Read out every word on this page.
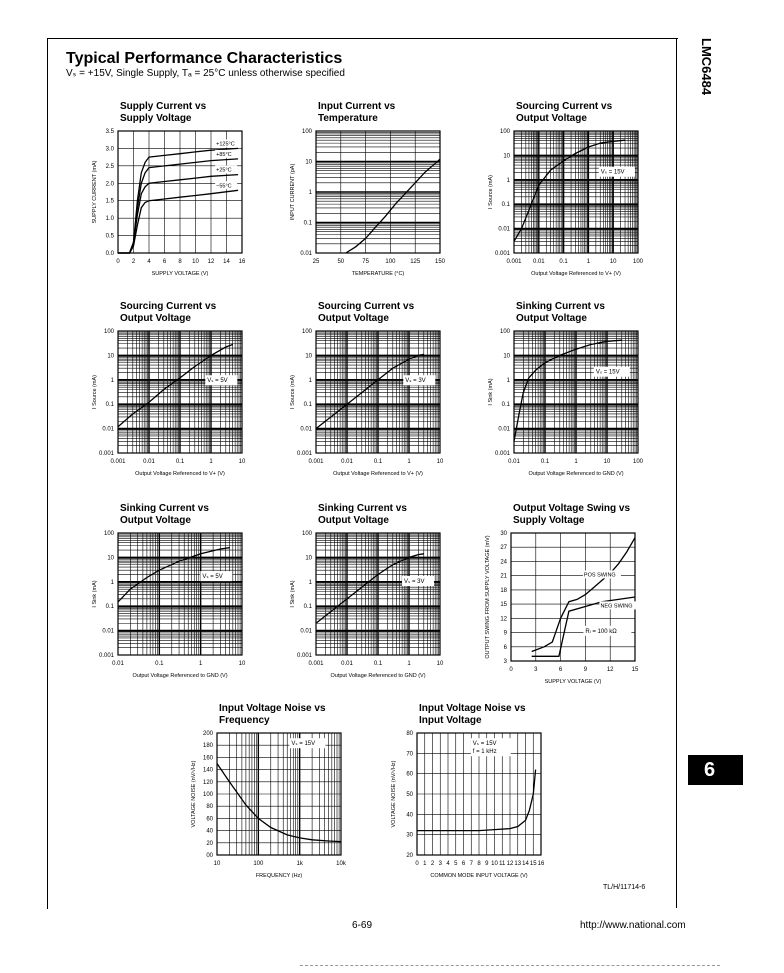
Typical Performance Characteristics
Vₛ = +15V, Single Supply, Tₐ = 25°C unless otherwise specified	LMC6484
6
TL/H/11714-6
6-69	http://www.national.com
Supply Current vs
Supply Voltage
0 2 4 6 8 10 12 14 16
0.0
0.5
1.0
1.5
2.0
2.5
3.0
3.5
SUPPLY VOLTAGE (V)
SUPPLY CURRENT (mA)
+125°C
+85°C
+25°C
−55°C
Input Current vs
Temperature
25	50	75	100 125 150
100
10
1
0.1
0.01
TEMPERATURE (°C)
INPUT CURRENT (pA)
Sourcing Current vs
Output Voltage
0.001 0.01 0.1	1	10	100
100
10
1
0.1
0.01
0.001
Output Voltage Referenced to V+ (V)
I Source (mA)
Vₛ = 15V
Sourcing Current vs
Output Voltage
0.001	0.01	0.1	1	10
100
10
1
0.1
0.01
0.001
Output Voltage Referenced to V+ (V)
I Source (mA)	Vₛ = 5V
Sourcing Current vs
Output Voltage
0.001	0.01	0.1	1	10
100
10
1
0.1
0.01
0.001
Output Voltage Referenced to V+ (V)
I Source (mA)	Vₛ = 3V
Sinking Current vs
Output Voltage
0.01	0.1	1	10	100
100
10
1
0.1
0.01
0.001
Output Voltage Referenced to GND (V)
I Sink (mA)
Vₛ = 15V
Sinking Current vs
Output Voltage
0.01	0.1	1	10
100
10
1
0.1
0.01
0.001
Output Voltage Referenced to GND (V)
I Sink (mA)
Vₛ = 5V
Sinking Current vs
Output Voltage
0.001	0.01	0.1	1	10
100
10
1
0.1
0.01
0.001
Output Voltage Referenced to GND (V)
I Sink (mA)	Vₛ = 3V
Output Voltage Swing vs
Supply Voltage
0	3	6	9	12	15
30
27
24
21
18
15
12
9
6
3
SUPPLY VOLTAGE (V)
OUTPUT SWING FROM SUPPLY VOLTAGE (mV)	POS SWING
NEG SWING
Rₗ = 100 kΩ
Input Voltage Noise vs
Frequency
10	100	1k	10k
200
180
160
140
120
100
80
60
40
20
00
FREQUENCY (Hz)
VOLTAGE NOISE (nV/√Hz)
Vₛ = 15V
Input Voltage Noise vs
Input Voltage
0 1 2 3 4 5 6 7 8 9 10 11 12 13 14 15 16
80
70
60
50
40
30
20
COMMON MODE INPUT VOLTAGE (V)
VOLTAGE NOISE (nV/√Hz)
Vₛ = 15V
f = 1 kHz
